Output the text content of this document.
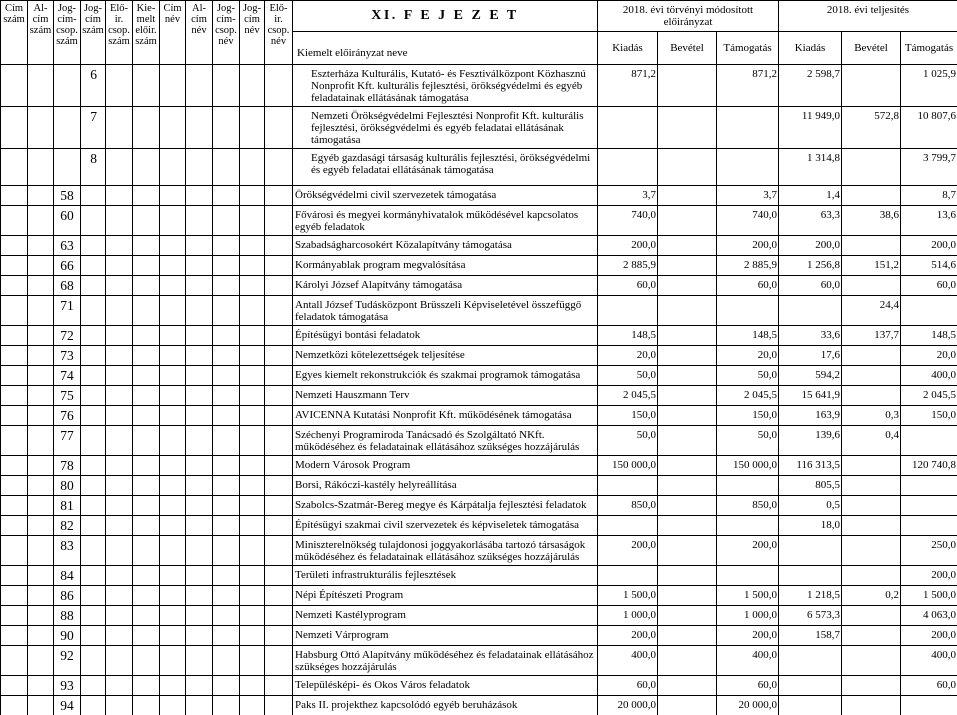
Cím szám	Al-cím szám	Jog-cím-csop. szám	Jog-cím szám	Elő-ir. csop. szám	Kie-melt előir. szám	Cím név	Al-cím név	Jog-cím-csop. név	Jog-cím név	Elő-ir. csop. név	XI. F E J E Z E T	2018. évi törvényi módosított előirányzat			2018. évi teljesítés		
											Kiemelt előirányzat neve	Kiadás	Bevétel	Támogatás	Kiadás	Bevétel	Támogatás
			6								Eszterháza Kulturális, Kutató- és Fesztiválközpont Közhasznú Nonprofit Kft. kulturális fejlesztési, örökségvédelmi és egyéb feladatainak ellátásának támogatása	871,2		871,2	2 598,7		1 025,9
			7								Nemzeti Örökségvédelmi Fejlesztési Nonprofit Kft. kulturális fejlesztési, örökségvédelmi és egyéb feladatai ellátásának támogatása				11 949,0	572,8	10 807,6
			8								Egyéb gazdasági társaság kulturális fejlesztési, örökségvédelmi és egyéb feladatai ellátásának támogatása				1 314,8		3 799,7
		58									Örökségvédelmi civil szervezetek támogatása	3,7		3,7	1,4		8,7
		60									Fővárosi és megyei kormányhivatalok működésével kapcsolatos egyéb feladatok	740,0		740,0	63,3	38,6	13,6
		63									Szabadságharcosokért Közalapítvány támogatása	200,0		200,0	200,0		200,0
		66									Kormányablak program megvalósítása	2 885,9		2 885,9	1 256,8	151,2	514,6
		68									Károlyi József Alapítvány támogatása	60,0		60,0	60,0		60,0
		71									Antall József Tudásközpont Brüsszeli Képviseletével összefüggő feladatok támogatása					24,4	
		72									Építésügyi bontási feladatok	148,5		148,5	33,6	137,7	148,5
		73									Nemzetközi kötelezettségek teljesítése	20,0		20,0	17,6		20,0
		74									Egyes kiemelt rekonstrukciók és szakmai programok támogatása	50,0		50,0	594,2		400,0
		75									Nemzeti Hauszmann Terv	2 045,5		2 045,5	15 641,9		2 045,5
		76									AVICENNA Kutatási Nonprofit Kft. működésének támogatása	150,0		150,0	163,9	0,3	150,0
		77									Széchenyi Programiroda Tanácsadó és Szolgáltató NKft. működéséhez és feladatainak ellátásához szükséges hozzájárulás	50,0		50,0	139,6	0,4	
		78									Modern Városok Program	150 000,0		150 000,0	116 313,5		120 740,8
		80									Borsi, Rákóczi-kastély helyreállítása				805,5		
		81									Szabolcs-Szatmár-Bereg megye és Kárpátalja fejlesztési feladatok	850,0		850,0	0,5		
		82									Építésügyi szakmai civil szervezetek és képviseletek támogatása				18,0		
		83									Miniszterelnökség tulajdonosi joggyakorlásába tartozó társaságok működéséhez és feladatainak ellátásához szükséges hozzájárulás	200,0		200,0			250,0
		84									Területi infrastrukturális fejlesztések						200,0
		86									Népi Építészeti Program	1 500,0		1 500,0	1 218,5	0,2	1 500,0
		88									Nemzeti Kastélyprogram	1 000,0		1 000,0	6 573,3		4 063,0
		90									Nemzeti Várprogram	200,0		200,0	158,7		200,0
		92									Habsburg Ottó Alapítvány működéséhez és feladatainak ellátásához szükséges hozzájárulás	400,0		400,0			400,0
		93									Településképi- és Okos Város feladatok	60,0		60,0			60,0
		94									Paks II. projekthez kapcsolódó egyéb beruházások	20 000,0		20 000,0			
